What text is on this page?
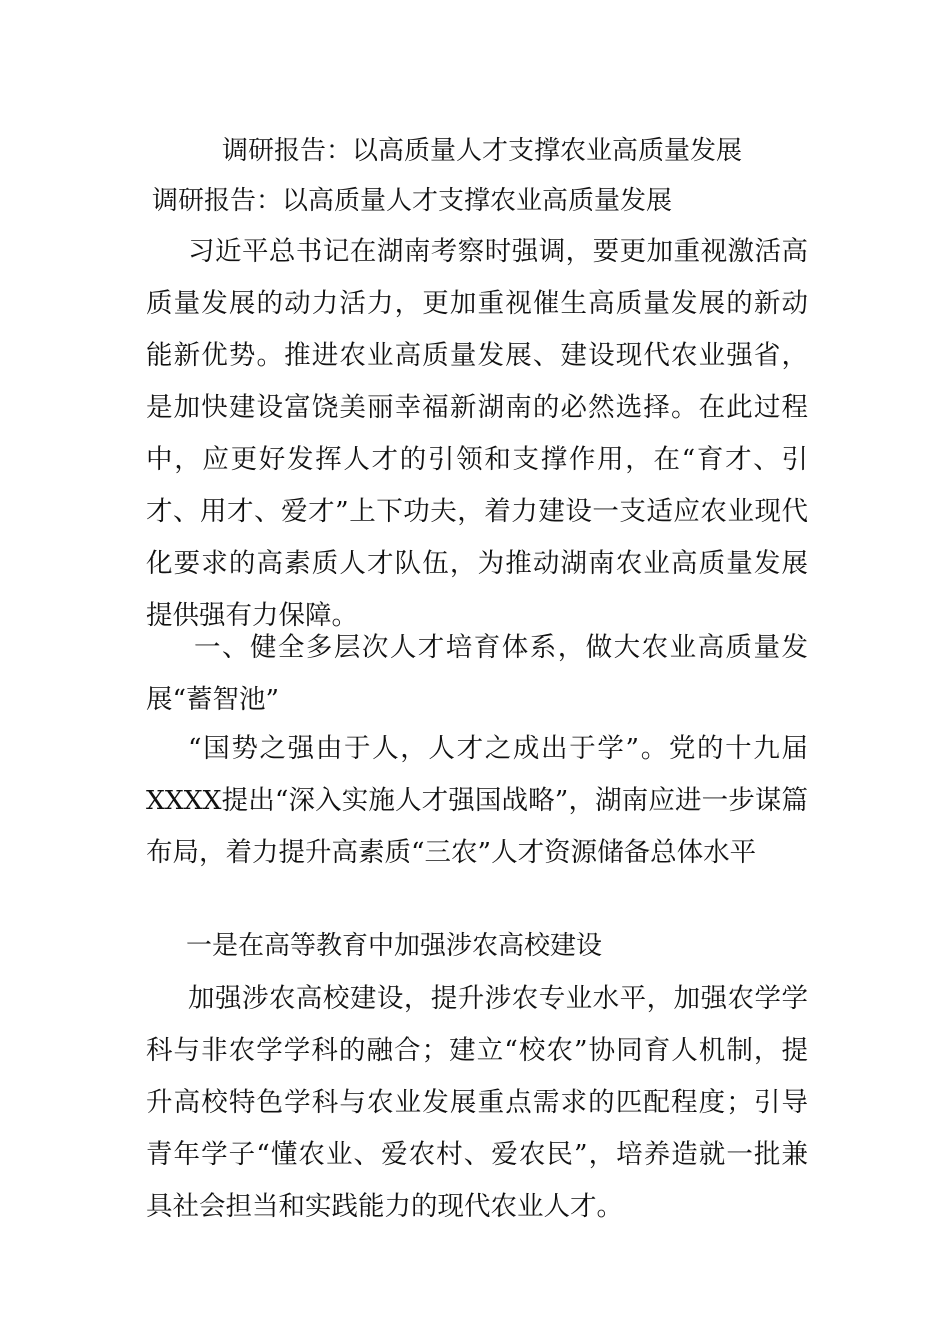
调研报告：以高质量人才支撑农业高质量发展
调研报告：以高质量人才支撑农业高质量发展

习近平总书记在湖南考察时强调，要更加重视激活高质量发展的动力活力，更加重视催生高质量发展的新动能新优势。推进农业高质量发展、建设现代农业强省，是加快建设富饶美丽幸福新湖南的必然选择。在此过程中，应更好发挥人才的引领和支撑作用，在“育才、引才、用才、爱才”上下功夫，着力建设一支适应农业现代化要求的高素质人才队伍，为推动湖南农业高质量发展提供强有力保障。

一、健全多层次人才培育体系，做大农业高质量发展“蓄智池”

“国势之强由于人，人才之成出于学”。党的十九届XXXX提出“深入实施人才强国战略”，湖南应进一步谋篇布局，着力提升高素质“三农”人才资源储备总体水平

一是在高等教育中加强涉农高校建设

加强涉农高校建设，提升涉农专业水平，加强农学学科与非农学学科的融合；建立“校农”协同育人机制，提升高校特色学科与农业发展重点需求的匹配程度；引导青年学子“懂农业、爱农村、爱农民”，培养造就一批兼具社会担当和实践能力的现代农业人才。
